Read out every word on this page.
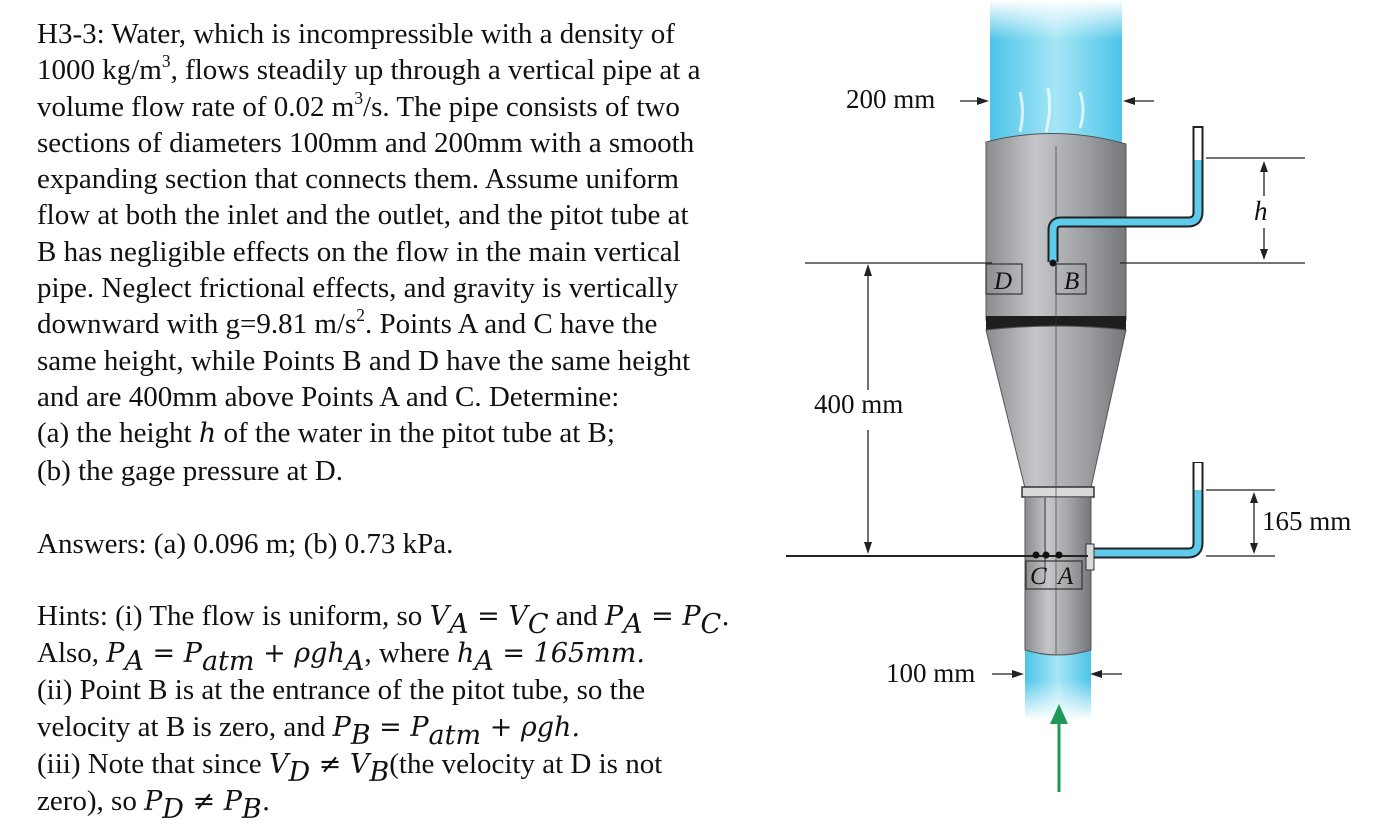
H3-3: Water, which is incompressible with a density of
1000 $kg/m^3$, flows steadily up through a vertical pipe at a
volume flow rate of 0.02 $m^3/s$. The pipe consists of two
sections of diameters 100mm and 200mm with a smooth
expanding section that connects them. Assume uniform
flow at both the inlet and the outlet, and the pitot tube at
B has negligible effects on the flow in the main vertical
pipe. Neglect frictional effects, and gravity is vertically
downward with g=9.81 $m/s^2$. Points A and C have the
same height, while Points B and D have the same height
and are 400mm above Points A and C. Determine:
(a) the height h of the water in the pitot tube at B;
(b) the gage pressure at D.
Answers: (a) 0.096 m; (b) 0.73 kPa.
Hints: (i) The flow is uniform, so $V_A = V_C$ and $P_A = P_C$.
Also, $P_A = P_{atm} + \rho gh_A$, where $h_A = 165mm$.
(ii) Point B is at the entrance of the pitot tube, so the
velocity at B is zero, and $P_B = P_{atm} + \rho gh$.
(iii) Note that since $V_D \ne V_B(the$ velocity at D is not
zero), so $P_D \ne P_B$.
400 mm
h
165 mm
200 mm
100 mm
D B
C A
